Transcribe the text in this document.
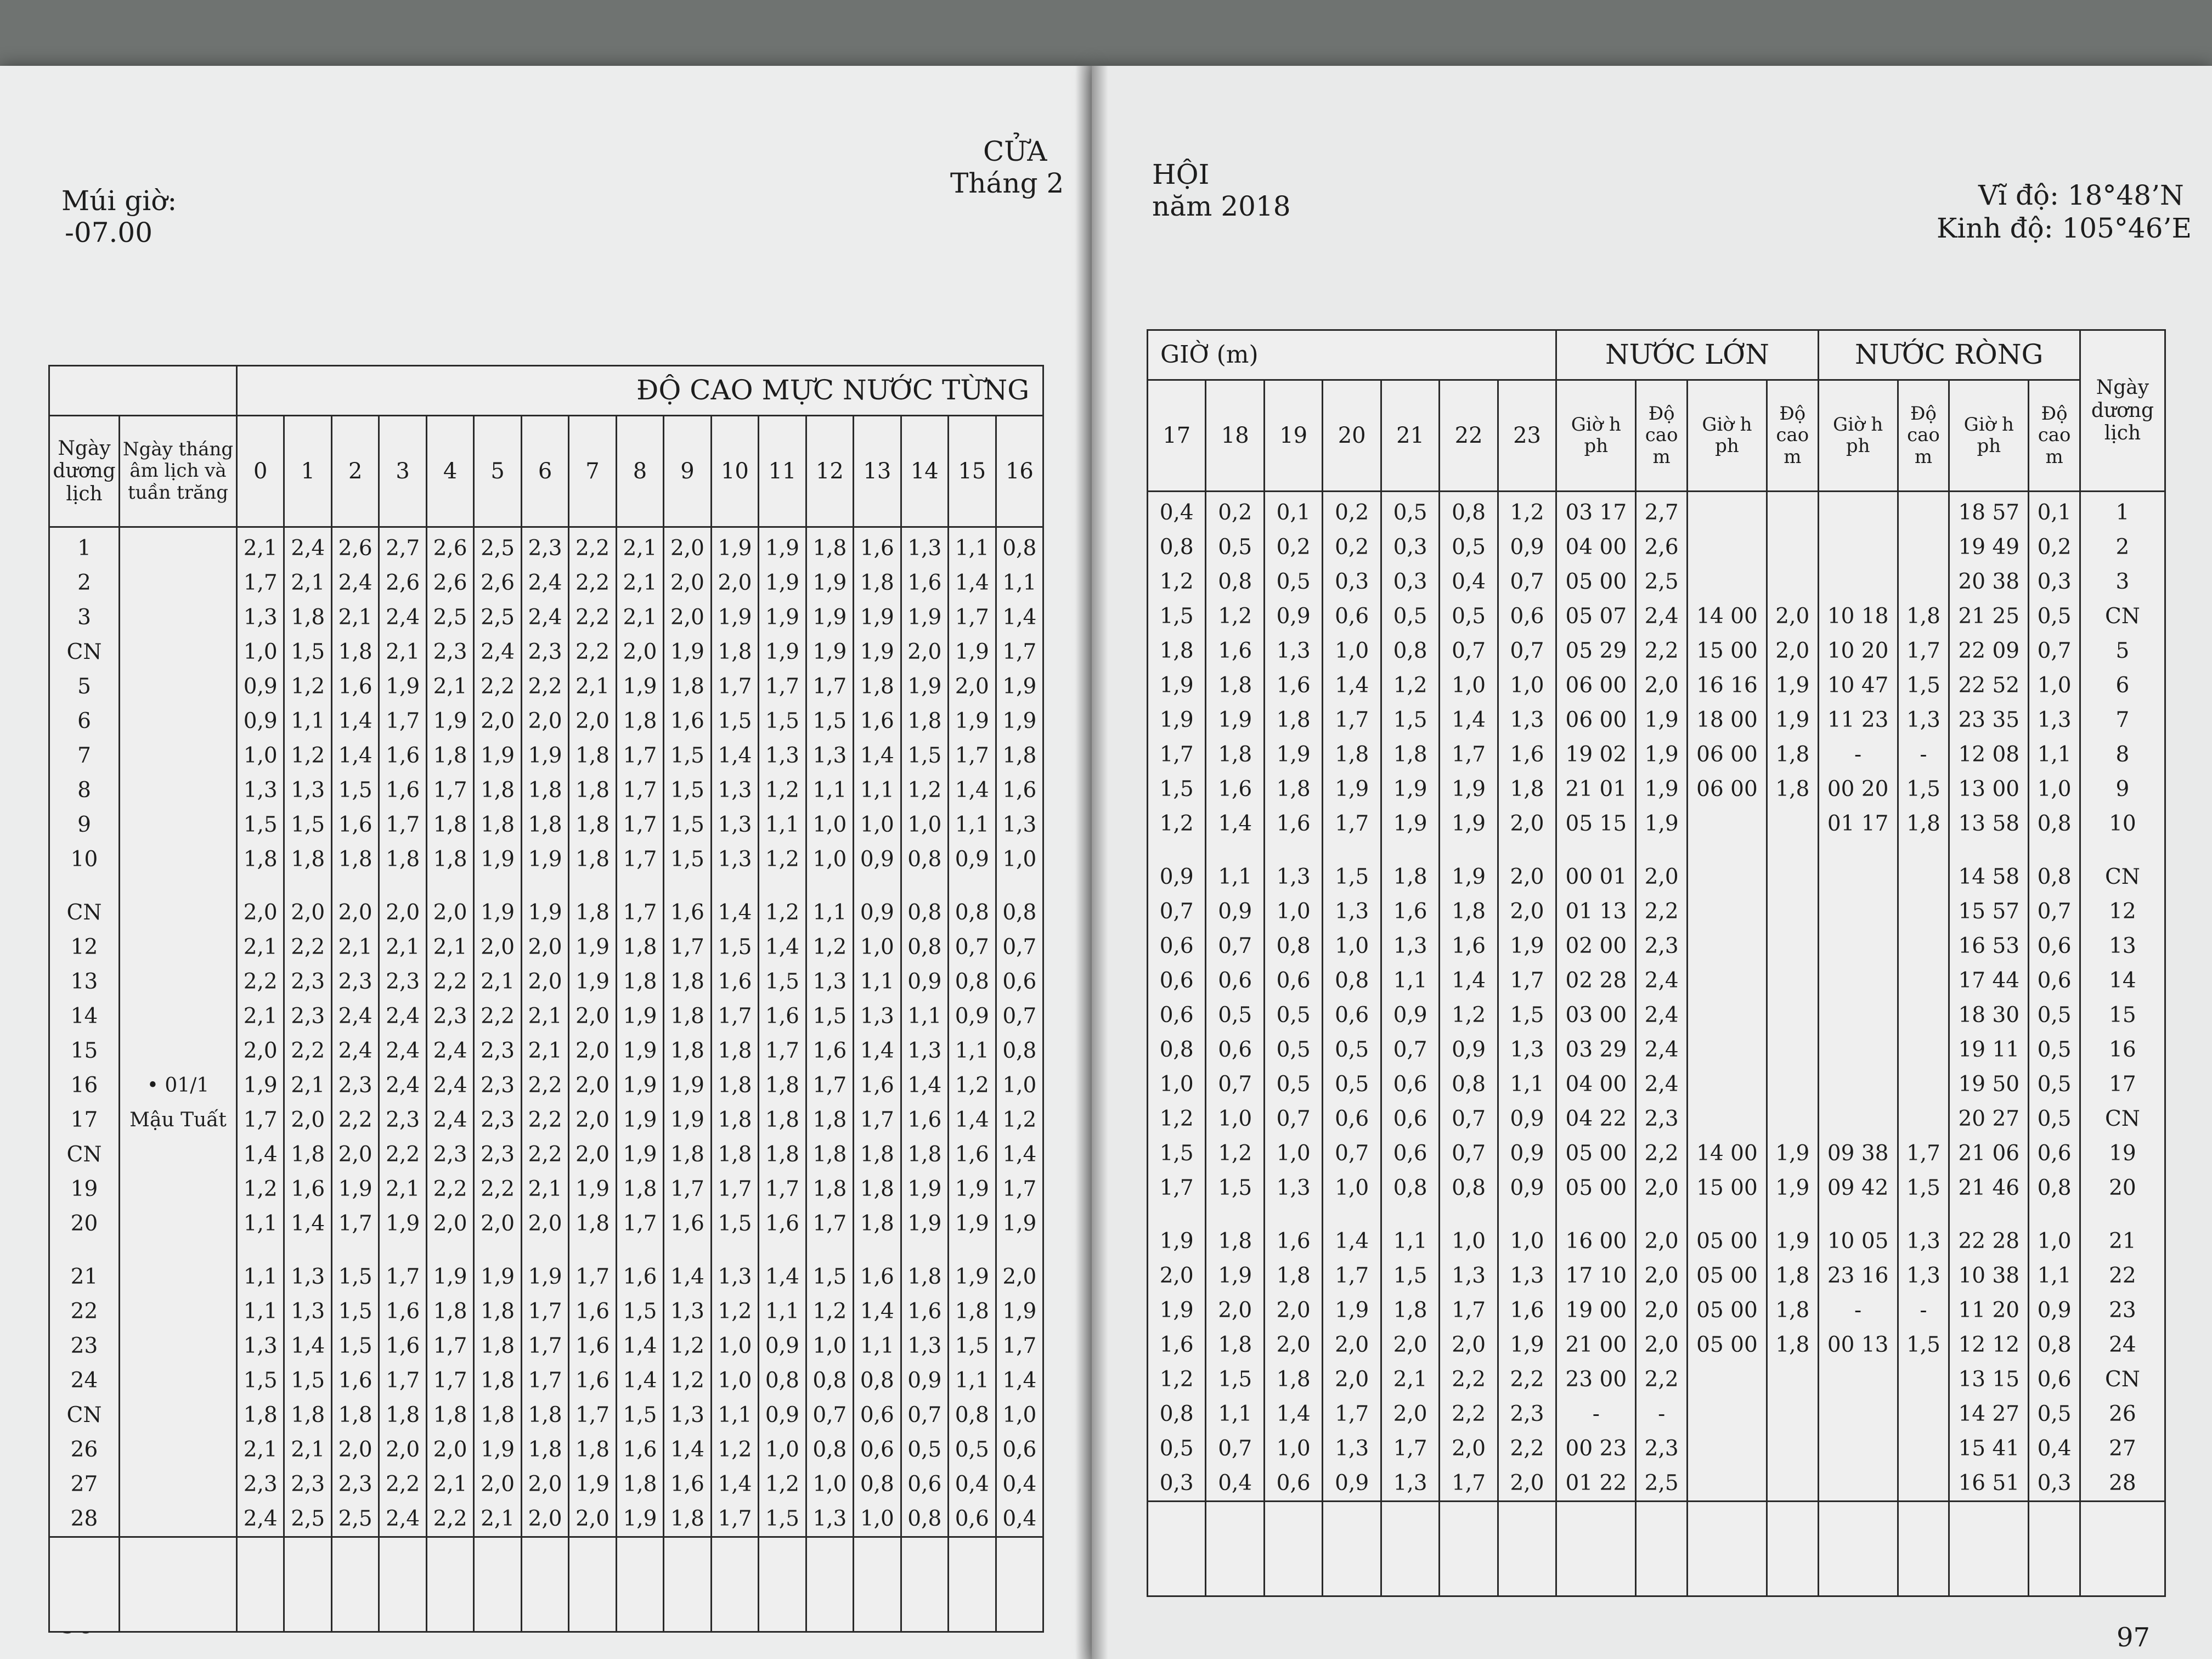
Múi giờ:
-07.00
CỬA
Tháng 2
		ĐỘ CAO MỰC NƯỚC TỪNG																
Ngày dương lịch	Ngày tháng âm lịch và tuần trăng	0	1	2	3	4	5	6	7	8	9	10	11	12	13	14	15	16
1		2,1	2,4	2,6	2,7	2,6	2,5	2,3	2,2	2,1	2,0	1,9	1,9	1,8	1,6	1,3	1,1	0,8
2		1,7	2,1	2,4	2,6	2,6	2,6	2,4	2,2	2,1	2,0	2,0	1,9	1,9	1,8	1,6	1,4	1,1
3		1,3	1,8	2,1	2,4	2,5	2,5	2,4	2,2	2,1	2,0	1,9	1,9	1,9	1,9	1,9	1,7	1,4
CN		1,0	1,5	1,8	2,1	2,3	2,4	2,3	2,2	2,0	1,9	1,8	1,9	1,9	1,9	2,0	1,9	1,7
5		0,9	1,2	1,6	1,9	2,1	2,2	2,2	2,1	1,9	1,8	1,7	1,7	1,7	1,8	1,9	2,0	1,9
6		0,9	1,1	1,4	1,7	1,9	2,0	2,0	2,0	1,8	1,6	1,5	1,5	1,5	1,6	1,8	1,9	1,9
7		1,0	1,2	1,4	1,6	1,8	1,9	1,9	1,8	1,7	1,5	1,4	1,3	1,3	1,4	1,5	1,7	1,8
8		1,3	1,3	1,5	1,6	1,7	1,8	1,8	1,8	1,7	1,5	1,3	1,2	1,1	1,1	1,2	1,4	1,6
9		1,5	1,5	1,6	1,7	1,8	1,8	1,8	1,8	1,7	1,5	1,3	1,1	1,0	1,0	1,0	1,1	1,3
10		1,8	1,8	1,8	1,8	1,8	1,9	1,9	1,8	1,7	1,5	1,3	1,2	1,0	0,9	0,8	0,9	1,0

CN		2,0	2,0	2,0	2,0	2,0	1,9	1,9	1,8	1,7	1,6	1,4	1,2	1,1	0,9	0,8	0,8	0,8
12		2,1	2,2	2,1	2,1	2,1	2,0	2,0	1,9	1,8	1,7	1,5	1,4	1,2	1,0	0,8	0,7	0,7
13		2,2	2,3	2,3	2,3	2,2	2,1	2,0	1,9	1,8	1,8	1,6	1,5	1,3	1,1	0,9	0,8	0,6
14		2,1	2,3	2,4	2,4	2,3	2,2	2,1	2,0	1,9	1,8	1,7	1,6	1,5	1,3	1,1	0,9	0,7
15		2,0	2,2	2,4	2,4	2,4	2,3	2,1	2,0	1,9	1,8	1,8	1,7	1,6	1,4	1,3	1,1	0,8
16	• 01/1	1,9	2,1	2,3	2,4	2,4	2,3	2,2	2,0	1,9	1,9	1,8	1,8	1,7	1,6	1,4	1,2	1,0
17	Mậu Tuất	1,7	2,0	2,2	2,3	2,4	2,3	2,2	2,0	1,9	1,9	1,8	1,8	1,8	1,7	1,6	1,4	1,2
CN		1,4	1,8	2,0	2,2	2,3	2,3	2,2	2,0	1,9	1,8	1,8	1,8	1,8	1,8	1,8	1,6	1,4
19		1,2	1,6	1,9	2,1	2,2	2,2	2,1	1,9	1,8	1,7	1,7	1,7	1,8	1,8	1,9	1,9	1,7
20		1,1	1,4	1,7	1,9	2,0	2,0	2,0	1,8	1,7	1,6	1,5	1,6	1,7	1,8	1,9	1,9	1,9

21		1,1	1,3	1,5	1,7	1,9	1,9	1,9	1,7	1,6	1,4	1,3	1,4	1,5	1,6	1,8	1,9	2,0
22		1,1	1,3	1,5	1,6	1,8	1,8	1,7	1,6	1,5	1,3	1,2	1,1	1,2	1,4	1,6	1,8	1,9
23		1,3	1,4	1,5	1,6	1,7	1,8	1,7	1,6	1,4	1,2	1,0	0,9	1,0	1,1	1,3	1,5	1,7
24		1,5	1,5	1,6	1,7	1,7	1,8	1,7	1,6	1,4	1,2	1,0	0,8	0,8	0,8	0,9	1,1	1,4
CN		1,8	1,8	1,8	1,8	1,8	1,8	1,8	1,7	1,5	1,3	1,1	0,9	0,7	0,6	0,7	0,8	1,0
26		2,1	2,1	2,0	2,0	2,0	1,9	1,8	1,8	1,6	1,4	1,2	1,0	0,8	0,6	0,5	0,5	0,6
27		2,3	2,3	2,3	2,2	2,1	2,0	2,0	1,9	1,8	1,6	1,4	1,2	1,0	0,8	0,6	0,4	0,4
28		2,4	2,5	2,5	2,4	2,2	2,1	2,0	2,0	1,9	1,8	1,7	1,5	1,3	1,0	0,8	0,6	0,4

HỘI
năm 2018	Vĩ độ: 18°48’N
Kinh độ: 105°46’E
97
GIỜ (m)							NƯỚC LỚN				NƯỚC RÒNG				Ngày dương lịch
17	18	19	20	21	22	23	Giờ h ph	Độ cao m	Giờ h ph	Độ cao m	Giờ h ph	Độ cao m	Giờ h ph	Độ cao m	
0,4	0,2	0,1	0,2	0,5	0,8	1,2	03 17	2,7					18 57	0,1	1
0,8	0,5	0,2	0,2	0,3	0,5	0,9	04 00	2,6					19 49	0,2	2
1,2	0,8	0,5	0,3	0,3	0,4	0,7	05 00	2,5					20 38	0,3	3
1,5	1,2	0,9	0,6	0,5	0,5	0,6	05 07	2,4	14 00	2,0	10 18	1,8	21 25	0,5	CN
1,8	1,6	1,3	1,0	0,8	0,7	0,7	05 29	2,2	15 00	2,0	10 20	1,7	22 09	0,7	5
1,9	1,8	1,6	1,4	1,2	1,0	1,0	06 00	2,0	16 16	1,9	10 47	1,5	22 52	1,0	6
1,9	1,9	1,8	1,7	1,5	1,4	1,3	06 00	1,9	18 00	1,9	11 23	1,3	23 35	1,3	7
1,7	1,8	1,9	1,8	1,8	1,7	1,6	19 02	1,9	06 00	1,8	-	-	12 08	1,1	8
1,5	1,6	1,8	1,9	1,9	1,9	1,8	21 01	1,9	06 00	1,8	00 20	1,5	13 00	1,0	9
1,2	1,4	1,6	1,7	1,9	1,9	2,0	05 15	1,9			01 17	1,8	13 58	0,8	10

0,9	1,1	1,3	1,5	1,8	1,9	2,0	00 01	2,0					14 58	0,8	CN
0,7	0,9	1,0	1,3	1,6	1,8	2,0	01 13	2,2					15 57	0,7	12
0,6	0,7	0,8	1,0	1,3	1,6	1,9	02 00	2,3					16 53	0,6	13
0,6	0,6	0,6	0,8	1,1	1,4	1,7	02 28	2,4					17 44	0,6	14
0,6	0,5	0,5	0,6	0,9	1,2	1,5	03 00	2,4					18 30	0,5	15
0,8	0,6	0,5	0,5	0,7	0,9	1,3	03 29	2,4					19 11	0,5	16
1,0	0,7	0,5	0,5	0,6	0,8	1,1	04 00	2,4					19 50	0,5	17
1,2	1,0	0,7	0,6	0,6	0,7	0,9	04 22	2,3					20 27	0,5	CN
1,5	1,2	1,0	0,7	0,6	0,7	0,9	05 00	2,2	14 00	1,9	09 38	1,7	21 06	0,6	19
1,7	1,5	1,3	1,0	0,8	0,8	0,9	05 00	2,0	15 00	1,9	09 42	1,5	21 46	0,8	20

1,9	1,8	1,6	1,4	1,1	1,0	1,0	16 00	2,0	05 00	1,9	10 05	1,3	22 28	1,0	21
2,0	1,9	1,8	1,7	1,5	1,3	1,3	17 10	2,0	05 00	1,8	23 16	1,3	10 38	1,1	22
1,9	2,0	2,0	1,9	1,8	1,7	1,6	19 00	2,0	05 00	1,8	-	-	11 20	0,9	23
1,6	1,8	2,0	2,0	2,0	2,0	1,9	21 00	2,0	05 00	1,8	00 13	1,5	12 12	0,8	24
1,2	1,5	1,8	2,0	2,1	2,2	2,2	23 00	2,2					13 15	0,6	CN
0,8	1,1	1,4	1,7	2,0	2,2	2,3	-	-					14 27	0,5	26
0,5	0,7	1,0	1,3	1,7	2,0	2,2	00 23	2,3					15 41	0,4	27
0,3	0,4	0,6	0,9	1,3	1,7	2,0	01 22	2,5					16 51	0,3	28
